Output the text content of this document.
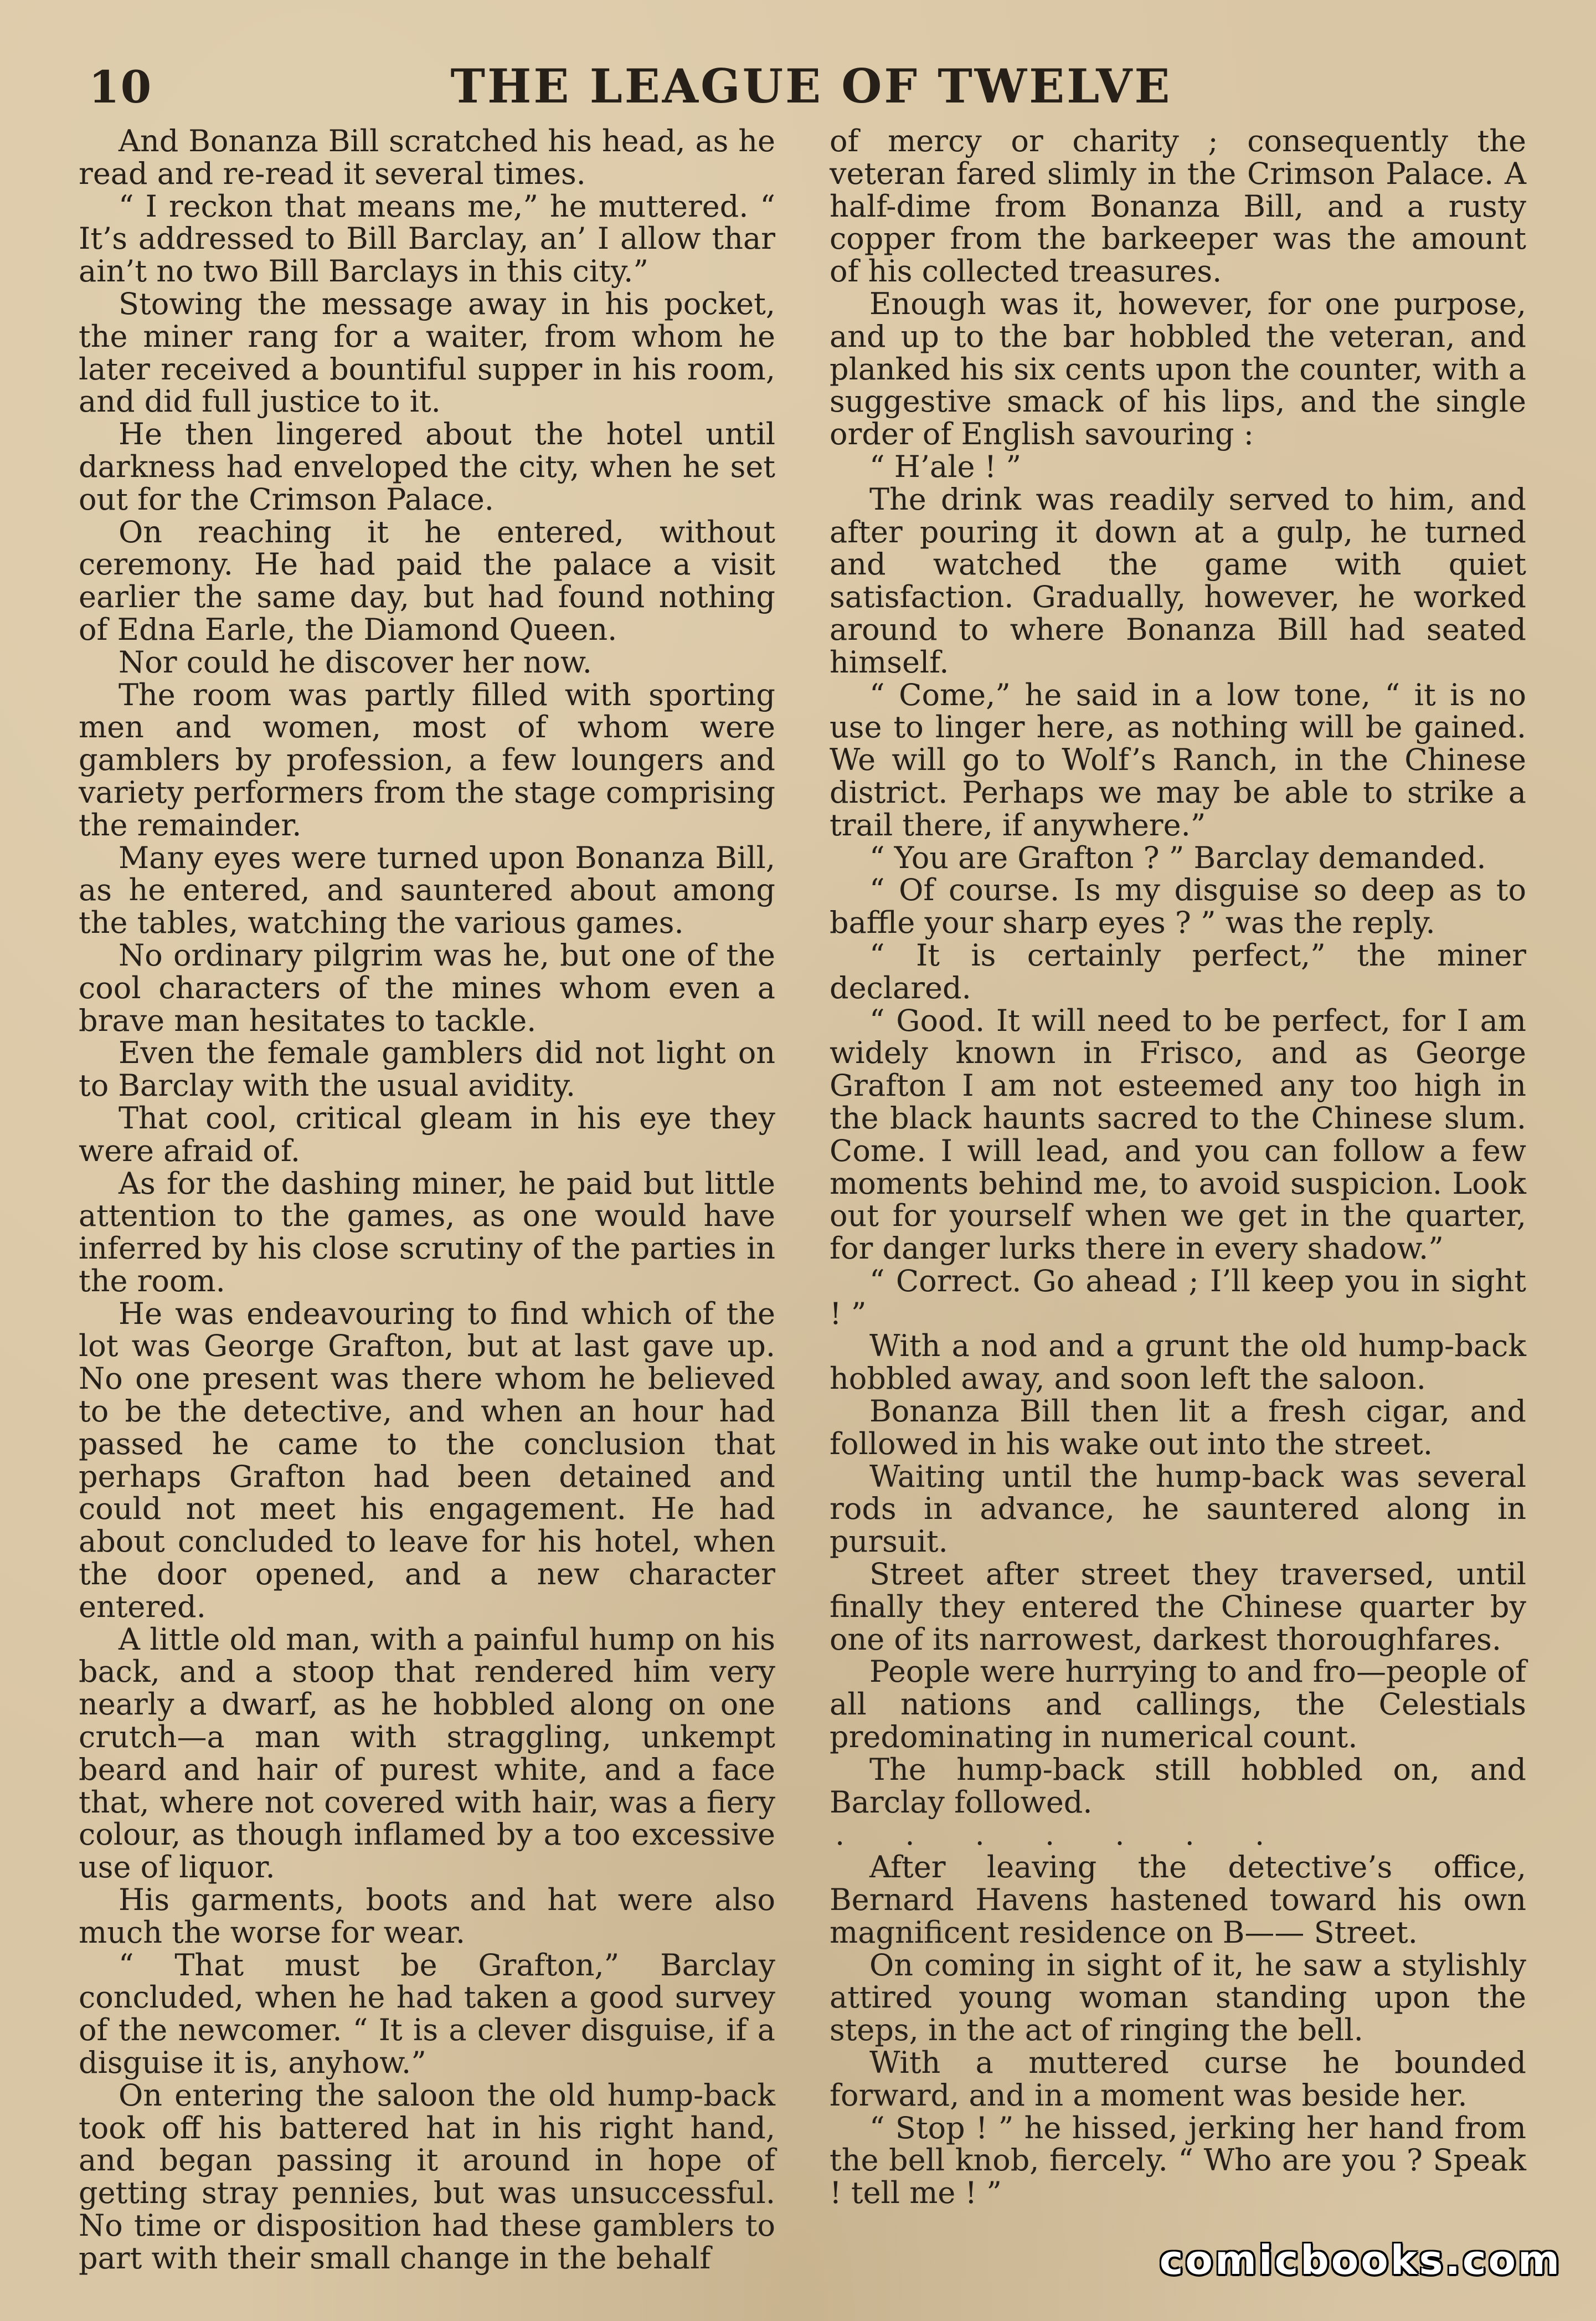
10	THE LEAGUE OF TWELVE

And Bonanza Bill scratched his head, as he read and re-read it several times.

“ I reckon that means me,” he muttered. “ It’s addressed to Bill Barclay, an’ I allow thar ain’t no two Bill Barclays in this city.”

Stowing the message away in his pocket, the miner rang for a waiter, from whom he later received a bountiful supper in his room, and did full justice to it.

He then lingered about the hotel until darkness had enveloped the city, when he set out for the Crimson Palace.

On reaching it he entered, without ceremony. He had paid the palace a visit earlier the same day, but had found nothing of Edna Earle, the Diamond Queen.

Nor could he discover her now.

The room was partly filled with sporting men and women, most of whom were gamblers by profession, a few loungers and variety performers from the stage comprising the remainder.

Many eyes were turned upon Bonanza Bill, as he entered, and sauntered about among the tables, watching the various games.

No ordinary pilgrim was he, but one of the cool characters of the mines whom even a brave man hesitates to tackle.

Even the female gamblers did not light on to Barclay with the usual avidity.

That cool, critical gleam in his eye they were afraid of.

As for the dashing miner, he paid but little attention to the games, as one would have inferred by his close scrutiny of the parties in the room.

He was endeavouring to find which of the lot was George Grafton, but at last gave up. No one present was there whom he believed to be the detective, and when an hour had passed he came to the conclusion that perhaps Grafton had been detained and could not meet his engagement. He had about concluded to leave for his hotel, when the door opened, and a new character entered.

A little old man, with a painful hump on his back, and a stoop that rendered him very nearly a dwarf, as he hobbled along on one crutch—a man with straggling, unkempt beard and hair of purest white, and a face that, where not covered with hair, was a fiery colour, as though inflamed by a too excessive use of liquor.

His garments, boots and hat were also much the worse for wear.

“ That must be Grafton,” Barclay concluded, when he had taken a good survey of the newcomer. “ It is a clever disguise, if a disguise it is, anyhow.”

On entering the saloon the old hump-back took off his battered hat in his right hand, and began passing it around in hope of getting stray pennies, but was unsuccessful. No time or disposition had these gamblers to part with their small change in the behalf

of mercy or charity ; consequently the veteran fared slimly in the Crimson Palace. A half-dime from Bonanza Bill, and a rusty copper from the barkeeper was the amount of his collected treasures.

Enough was it, however, for one purpose, and up to the bar hobbled the veteran, and planked his six cents upon the counter, with a suggestive smack of his lips, and the single order of English savouring :

“ H’ale ! ”

The drink was readily served to him, and after pouring it down at a gulp, he turned and watched the game with quiet satisfaction. Gradually, however, he worked around to where Bonanza Bill had seated himself.

“ Come,” he said in a low tone, “ it is no use to linger here, as nothing will be gained. We will go to Wolf’s Ranch, in the Chinese district. Perhaps we may be able to strike a trail there, if anywhere.”

“ You are Grafton ? ” Barclay demanded.

“ Of course. Is my disguise so deep as to baffle your sharp eyes ? ” was the reply.

“ It is certainly perfect,” the miner declared.

“ Good. It will need to be perfect, for I am widely known in Frisco, and as George Grafton I am not esteemed any too high in the black haunts sacred to the Chinese slum. Come. I will lead, and you can follow a few moments behind me, to avoid suspicion. Look out for yourself when we get in the quarter, for danger lurks there in every shadow.”

“ Correct. Go ahead ; I’ll keep you in sight ! ”

With a nod and a grunt the old hump-back hobbled away, and soon left the saloon.

Bonanza Bill then lit a fresh cigar, and followed in his wake out into the street.

Waiting until the hump-back was several rods in advance, he sauntered along in pursuit.

Street after street they traversed, until finally they entered the Chinese quarter by one of its narrowest, darkest thoroughfares.

People were hurrying to and fro—people of all nations and callings, the Celestials predominating in numerical count.

The hump-back still hobbled on, and Barclay followed.

. . . . . . .

After leaving the detective’s office, Bernard Havens hastened toward his own magnificent residence on B—— Street.

On coming in sight of it, he saw a stylishly attired young woman standing upon the steps, in the act of ringing the bell.

With a muttered curse he bounded forward, and in a moment was beside her.

“ Stop ! ” he hissed, jerking her hand from the bell knob, fiercely. “ Who are you ? Speak ! tell me ! ”

comicbooks.com
